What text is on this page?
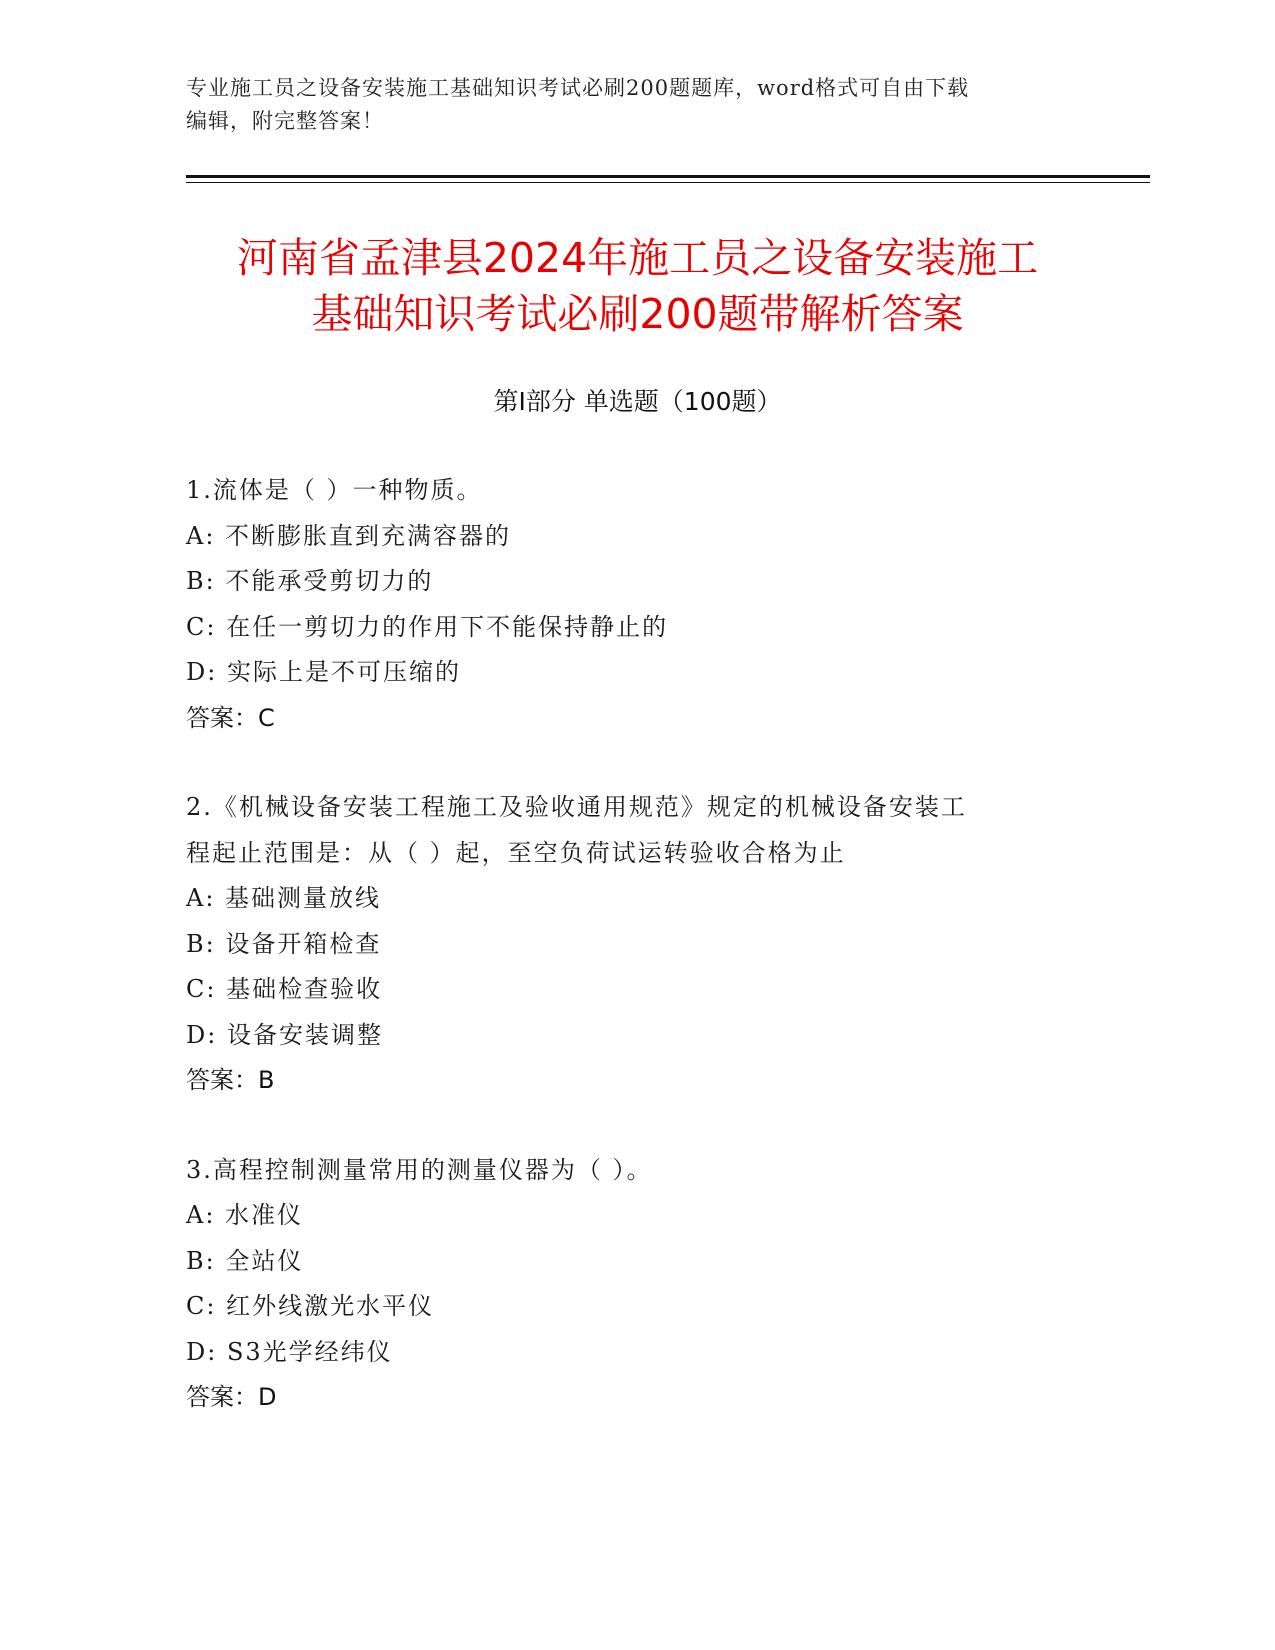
专业施工员之设备安装施工基础知识考试必刷200题题库，word格式可自由下载
编辑，附完整答案！
河南省孟津县2024年施工员之设备安装施工
基础知识考试必刷200题带解析答案
第Ⅰ部分 单选题（100题）
1.流体是（ ）一种物质。
A: 不断膨胀直到充满容器的
B: 不能承受剪切力的
C: 在任一剪切力的作用下不能保持静止的
D: 实际上是不可压缩的
答案：C
2.《机械设备安装工程施工及验收通用规范》规定的机械设备安装工
程起止范围是：从（ ）起，至空负荷试运转验收合格为止
A: 基础测量放线
B: 设备开箱检查
C: 基础检查验收
D: 设备安装调整
答案：B
3.高程控制测量常用的测量仪器为（ ）。
A: 水准仪
B: 全站仪
C: 红外线激光水平仪
D: S3光学经纬仪
答案：D
